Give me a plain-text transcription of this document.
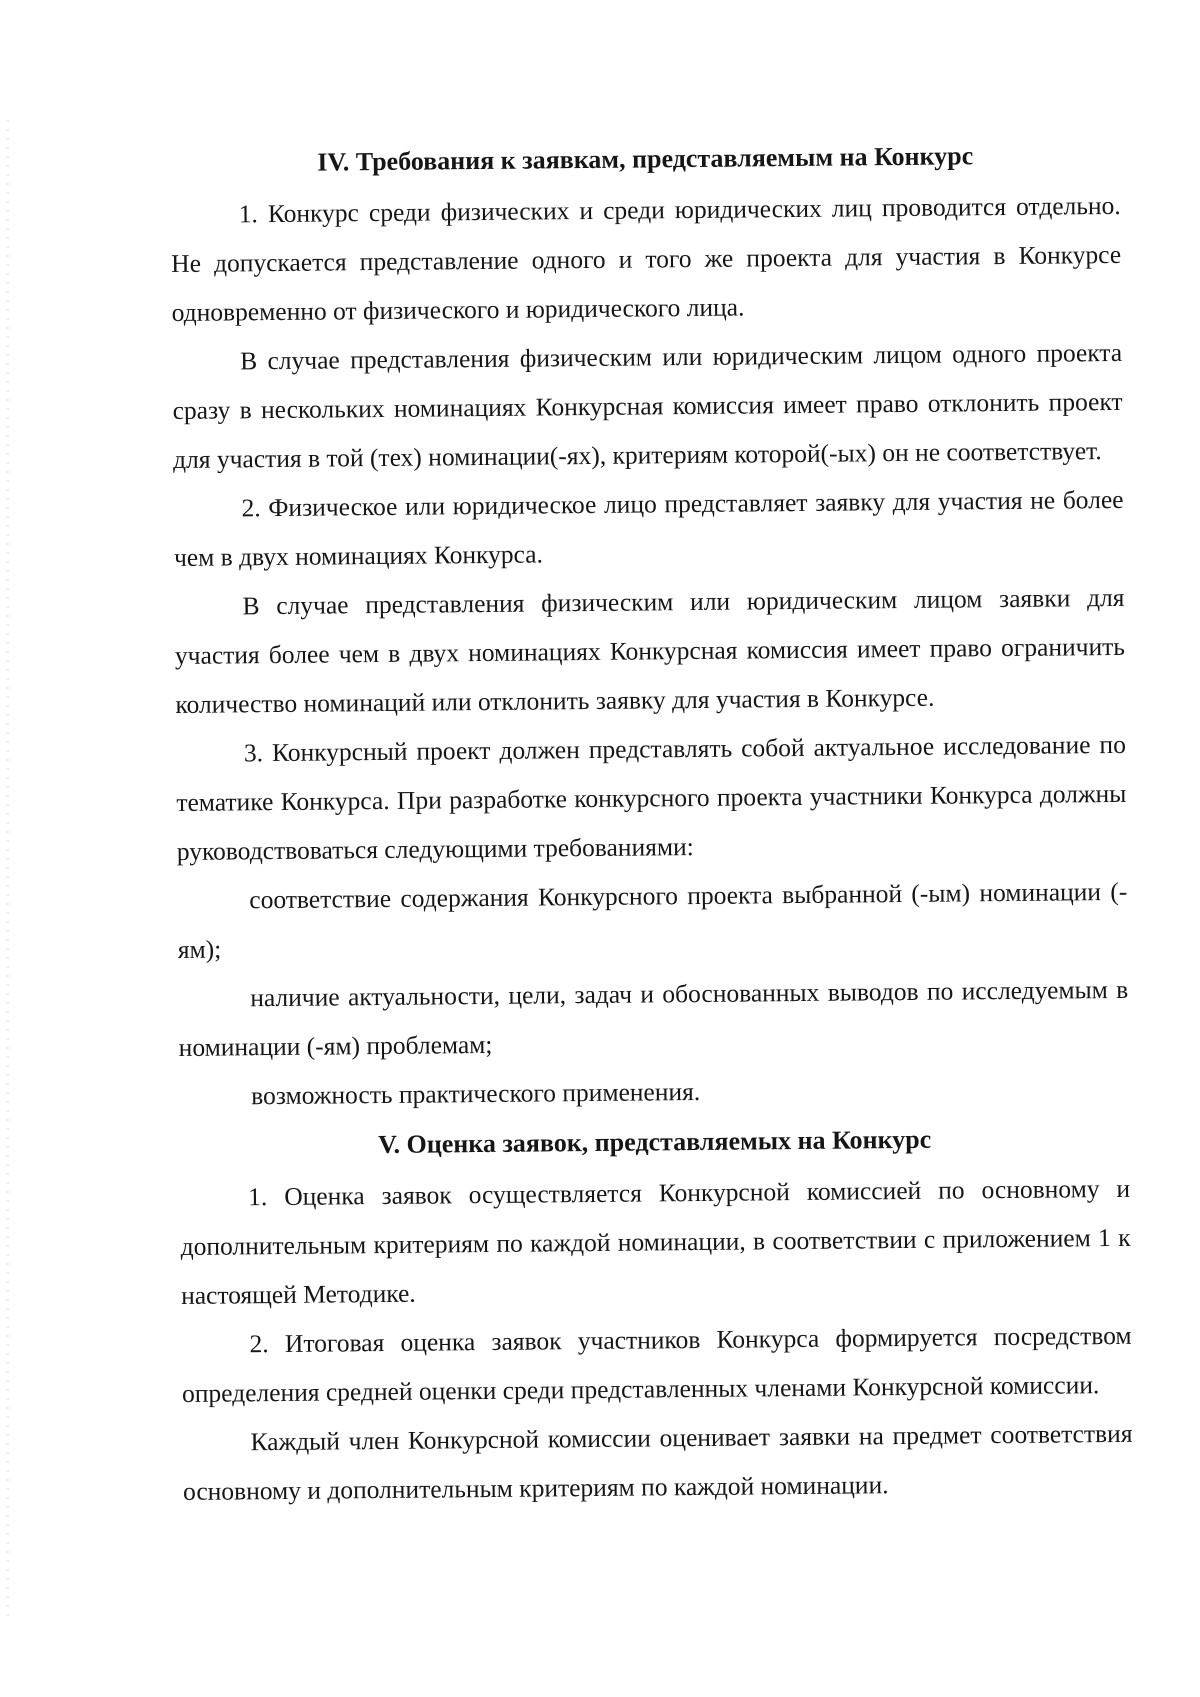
IV. Требования к заявкам, представляемым на Конкурс

1. Конкурс среди физических и среди юридических лиц проводится отдельно. Не допускается представление одного и того же проекта для участия в Конкурсе одновременно от физического и юридического лица.

В случае представления физическим или юридическим лицом одного проекта сразу в нескольких номинациях Конкурсная комиссия имеет право отклонить проект для участия в той (тех) номинации(-ях), критериям которой(-ых) он не соответствует.

2. Физическое или юридическое лицо представляет заявку для участия не более чем в двух номинациях Конкурса.

В случае представления физическим или юридическим лицом заявки для участия более чем в двух номинациях Конкурсная комиссия имеет право ограничить количество номинаций или отклонить заявку для участия в Конкурсе.

3. Конкурсный проект должен представлять собой актуальное исследование по тематике Конкурса. При разработке конкурсного проекта участники Конкурса должны руководствоваться следующими требованиями:

соответствие содержания Конкурсного проекта выбранной (-ым) номинации (-ям);

наличие актуальности, цели, задач и обоснованных выводов по исследуемым в номинации (-ям) проблемам;

возможность практического применения.

V. Оценка заявок, представляемых на Конкурс

1. Оценка заявок осуществляется Конкурсной комиссией по основному и дополнительным критериям по каждой номинации, в соответствии с приложением 1 к настоящей Методике.

2. Итоговая оценка заявок участников Конкурса формируется посредством определения средней оценки среди представленных членами Конкурсной комиссии.

Каждый член Конкурсной комиссии оценивает заявки на предмет соответствия основному и дополнительным критериям по каждой номинации.
